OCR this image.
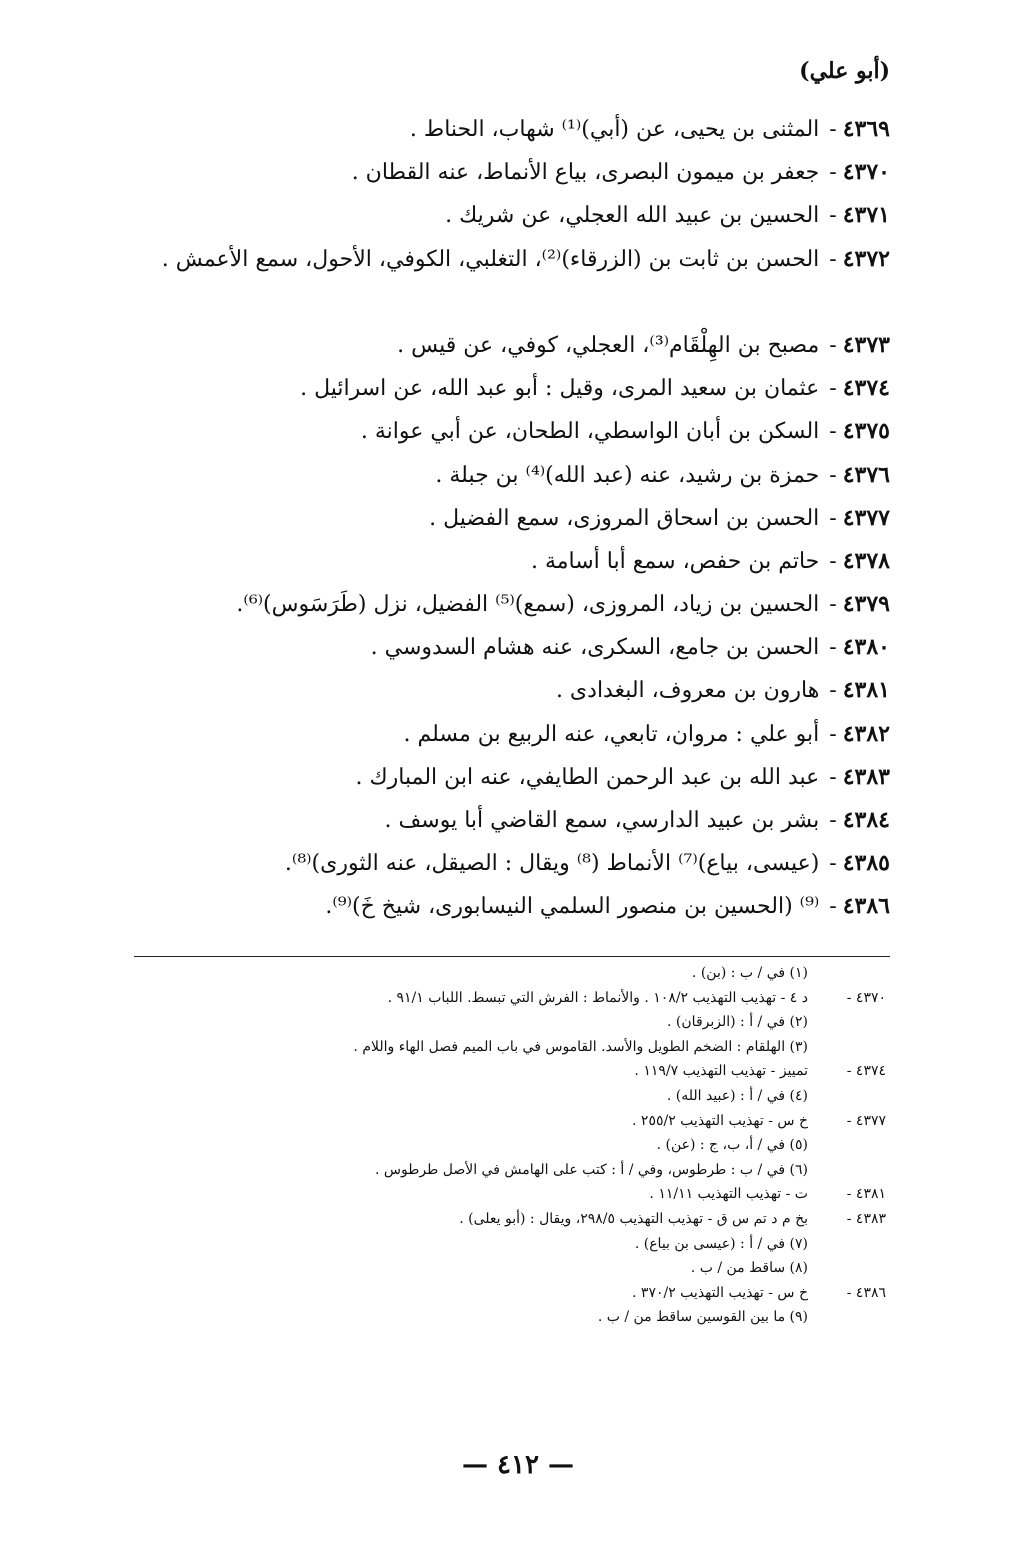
(أبو علي)
٤٣٦٩
-
المثنى بن يحيى، عن (أبي)⁽¹⁾ شهاب، الحناط .
٤٣٧٠
-
جعفر بن ميمون البصرى، بياع الأنماط، عنه القطان .
٤٣٧١
-
الحسين بن عبيد الله العجلي، عن شريك .
٤٣٧٢
-
الحسن بن ثابت بن (الزرقاء)⁽²⁾، التغلبي، الكوفي، الأحول، سمع الأعمش .
٤٣٧٣
-
مصبح بن الهِلْقَام⁽³⁾، العجلي، كوفي، عن قيس .
٤٣٧٤
-
عثمان بن سعيد المرى، وقيل : أبو عبد الله، عن اسرائيل .
٤٣٧٥
-
السكن بن أبان الواسطي، الطحان، عن أبي عوانة .
٤٣٧٦
-
حمزة بن رشيد، عنه (عبد الله)⁽⁴⁾ بن جبلة .
٤٣٧٧
-
الحسن بن اسحاق المروزى، سمع الفضيل .
٤٣٧٨
-
حاتم بن حفص، سمع أبا أسامة .
٤٣٧٩
-
الحسين بن زياد، المروزى، (سمع)⁽⁵⁾ الفضيل، نزل (طَرَسَوس)⁽⁶⁾.
٤٣٨٠
-
الحسن بن جامع، السكرى، عنه هشام السدوسي .
٤٣٨١
-
هارون بن معروف، البغدادى .
٤٣٨٢
-
أبو علي : مروان، تابعي، عنه الربيع بن مسلم .
٤٣٨٣
-
عبد الله بن عبد الرحمن الطايفي، عنه ابن المبارك .
٤٣٨٤
-
بشر بن عبيد الدارسي، سمع القاضي أبا يوسف .
٤٣٨٥
-
(عيسى، بياع)⁽⁷⁾ الأنماط (⁸⁾ ويقال : الصيقل، عنه الثورى)⁽⁸⁾.
٤٣٨٦
-
⁽⁹⁾ (الحسين بن منصور السلمي النيسابورى، شيخ خَ)⁽⁹⁾.
(١) في / ب : (بن) .
٤٣٧٠ -
د ٤ - تهذيب التهذيب ١٠٨/٢ . والأنماط : الفرش التي تبسط. اللباب ٩١/١ .
(٢) في / أ : (الزبرقان) .
(٣) الهلقام : الضخم الطويل والأسد. القاموس في باب الميم فصل الهاء واللام .
٤٣٧٤ -
تمييز - تهذيب التهذيب ١١٩/٧ .
(٤) في / أ : (عبيد الله) .
٤٣٧٧ -
خ س - تهذيب التهذيب ٢٥٥/٢ .
(٥) في / أ، ب، ج : (عن) .
(٦) في / ب : طرطوس، وفي / أ : كتب على الهامش في الأصل طرطوس .
٤٣٨١ -
ت - تهذيب التهذيب ١١/١١ .
٤٣٨٣ -
بخ م د تم س ق - تهذيب التهذيب ٢٩٨/٥، ويقال : (أبو يعلى) .
(٧) في / أ : (عيسى بن بياع) .
(٨) ساقط من / ب .
٤٣٨٦ -
خ س - تهذيب التهذيب ٣٧٠/٢ .
(٩) ما بين القوسين ساقط من / ب .
— ٤١٢ —
